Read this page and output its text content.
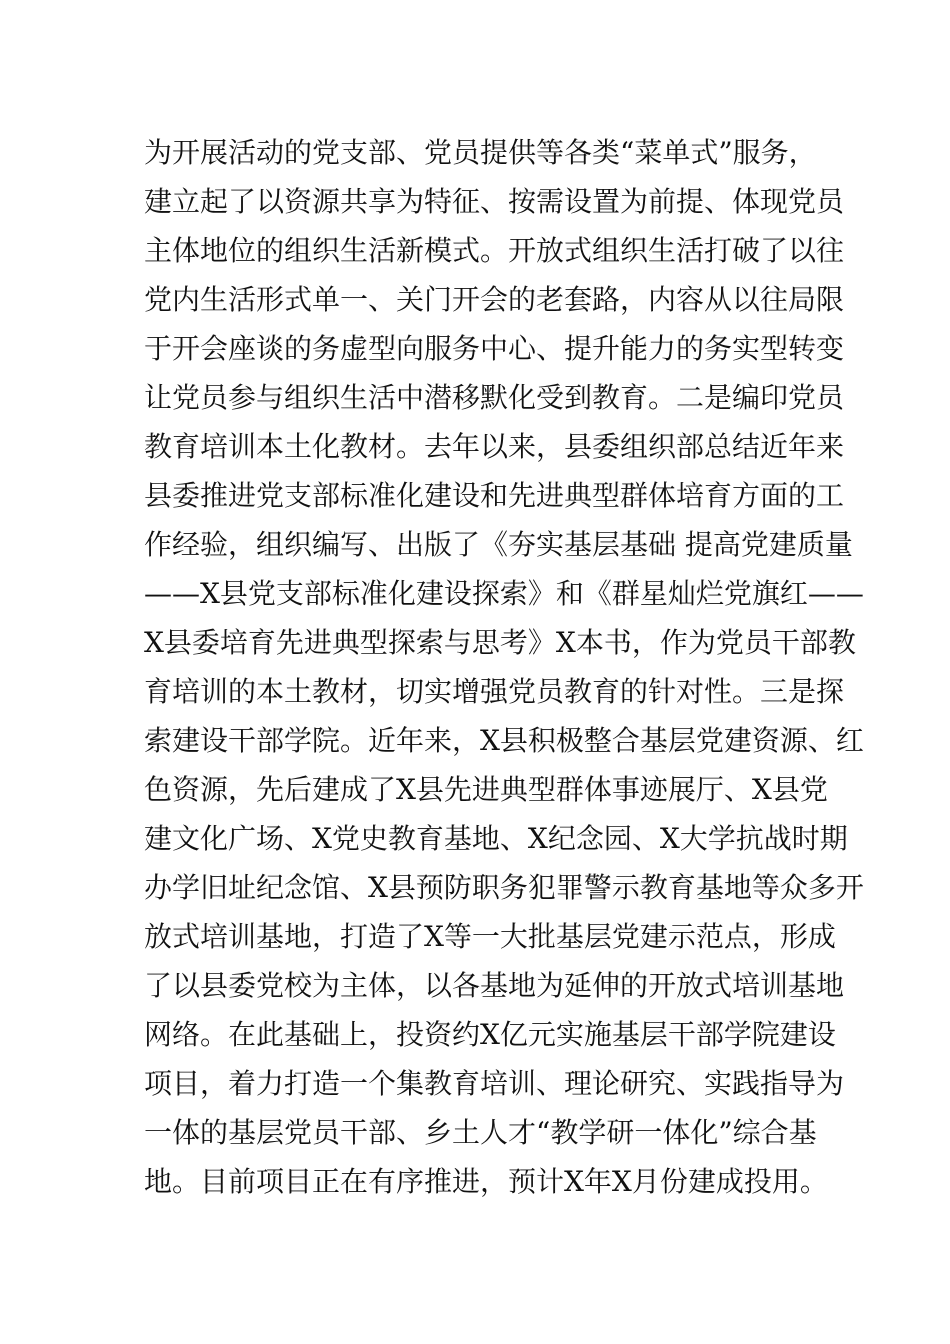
为开展活动的党支部、党员提供等各类“菜单式”服务，
建立起了以资源共享为特征、按需设置为前提、体现党员
主体地位的组织生活新模式。开放式组织生活打破了以往
党内生活形式单一、关门开会的老套路，内容从以往局限
于开会座谈的务虚型向服务中心、提升能力的务实型转变
让党员参与组织生活中潜移默化受到教育。二是编印党员
教育培训本土化教材。去年以来，县委组织部总结近年来
县委推进党支部标准化建设和先进典型群体培育方面的工
作经验，组织编写、出版了《夯实基层基础 提高党建质量
——X县党支部标准化建设探索》和《群星灿烂党旗红——
X县委培育先进典型探索与思考》X本书，作为党员干部教
育培训的本土教材，切实增强党员教育的针对性。三是探
索建设干部学院。近年来，X县积极整合基层党建资源、红
色资源，先后建成了X县先进典型群体事迹展厅、X县党
建文化广场、X党史教育基地、X纪念园、X大学抗战时期
办学旧址纪念馆、X县预防职务犯罪警示教育基地等众多开
放式培训基地，打造了X等一大批基层党建示范点，形成
了以县委党校为主体，以各基地为延伸的开放式培训基地
网络。在此基础上，投资约X亿元实施基层干部学院建设
项目，着力打造一个集教育培训、理论研究、实践指导为
一体的基层党员干部、乡土人才“教学研一体化”综合基
地。目前项目正在有序推进，预计X年X月份建成投用。
